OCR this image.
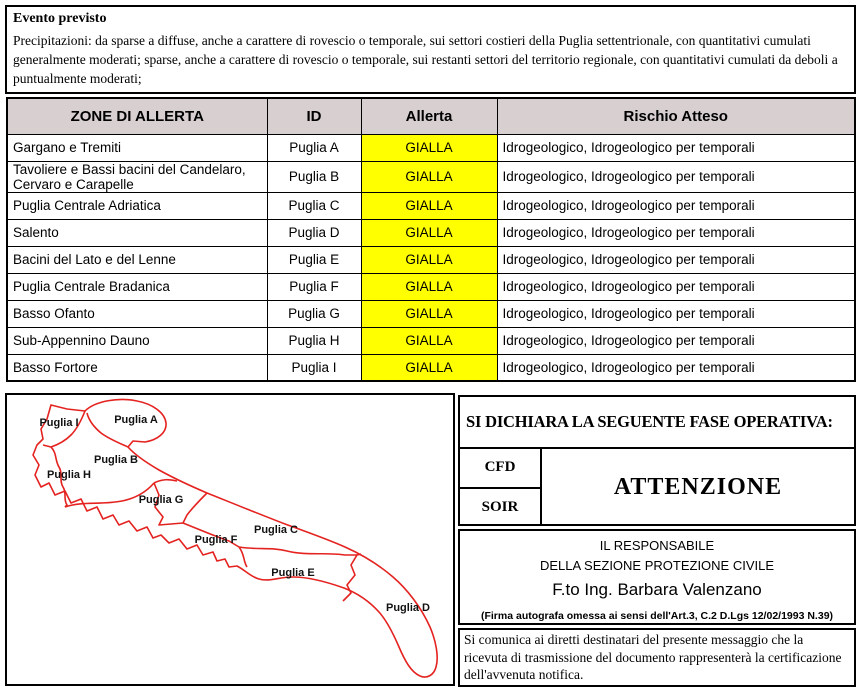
Evento previsto
Precipitazioni: da sparse a diffuse, anche a carattere di rovescio o temporale, sui settori costieri della Puglia settentrionale, con quantitativi cumulati generalmente moderati; sparse, anche a carattere di rovescio o temporale, sui restanti settori del territorio regionale, con quantitativi cumulati da deboli a puntualmente moderati;
ZONE DI ALLERTA	ID	Allerta	Rischio Atteso
Gargano e Tremiti	Puglia A	GIALLA	Idrogeologico, Idrogeologico per temporali
Tavoliere e Bassi bacini del Candelaro, Cervaro e Carapelle	Puglia B	GIALLA	Idrogeologico, Idrogeologico per temporali
Puglia Centrale Adriatica	Puglia C	GIALLA	Idrogeologico, Idrogeologico per temporali
Salento	Puglia D	GIALLA	Idrogeologico, Idrogeologico per temporali
Bacini del Lato e del Lenne	Puglia E	GIALLA	Idrogeologico, Idrogeologico per temporali
Puglia Centrale Bradanica	Puglia F	GIALLA	Idrogeologico, Idrogeologico per temporali
Basso Ofanto	Puglia G	GIALLA	Idrogeologico, Idrogeologico per temporali
Sub-Appennino Dauno	Puglia H	GIALLA	Idrogeologico, Idrogeologico per temporali
Basso Fortore	Puglia I	GIALLA	Idrogeologico, Idrogeologico per temporali
Puglia I	Puglia A
Puglia B
Puglia H
Puglia G
Puglia F
Puglia C
Puglia E
Puglia D
SI DICHIARA LA SEGUENTE FASE OPERATIVA:
CFD
SOIR
ATTENZIONE
IL RESPONSABILE
DELLA SEZIONE PROTEZIONE CIVILE
F.to Ing. Barbara Valenzano
(Firma autografa omessa ai sensi dell'Art.3, C.2 D.Lgs 12/02/1993 N.39)
Si comunica ai diretti destinatari del presente messaggio che la ricevuta di trasmissione del documento rappresenterà la certificazione dell'avvenuta notifica.
